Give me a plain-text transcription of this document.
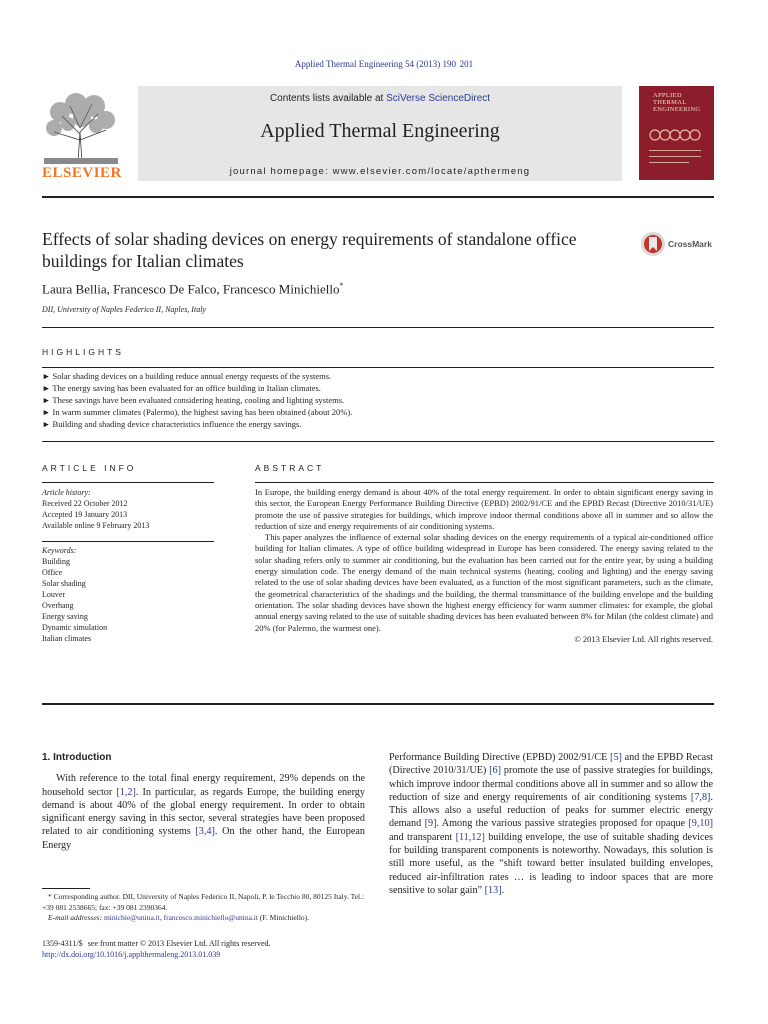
Applied Thermal Engineering 54 (2013) 190  201
ELSEVIER
Contents lists available at SciVerse ScienceDirect
Applied Thermal Engineering
journal homepage: www.elsevier.com/locate/apthermeng
APPLIED THERMAL ENGINEERING
Effects of solar shading devices on energy requirements of standalone office buildings for Italian climates
CrossMark
Laura Bellia, Francesco De Falco, Francesco Minichiello*
DII, University of Naples Federico II, Naples, Italy
HIGHLIGHTS
► Solar shading devices on a building reduce annual energy requests of the systems.
► The energy saving has been evaluated for an office building in Italian climates.
► These savings have been evaluated considering heating, cooling and lighting systems.
► In warm summer climates (Palermo), the highest saving has been obtained (about 20%).
► Building and shading device characteristics influence the energy savings.
ARTICLE INFO
Article history:
Received 22 October 2012
Accepted 19 January 2013
Available online 9 February 2013
Keywords:
Building
Office
Solar shading
Louver
Overhang
Energy saving
Dynamic simulation
Italian climates
ABSTRACT

In Europe, the building energy demand is about 40% of the total energy requirement. In order to obtain significant energy saving in this sector, the European Energy Performance Building Directive (EPBD) 2002/91/CE and the EPBD Recast (Directive 2010/31/UE) promote the use of passive strategies for buildings, which improve indoor thermal conditions above all in summer and so allow the reduction of size and energy requirements of air conditioning systems.

This paper analyzes the influence of external solar shading devices on the energy requirements of a typical air-conditioned office building for Italian climates. A type of office building widespread in Europe has been considered. The energy saving related to the solar shading refers only to summer air conditioning, but the evaluation has been carried out for the entire year, by using a building energy simulation code. The energy demand of the main technical systems (heating, cooling and lighting) and the energy saving related to the use of solar shading devices have been evaluated, as a function of the most significant parameters, such as the climate, the geometrical characteristics of the shadings and the building, the thermal transmittance of the building envelope and the building orientation. The solar shading devices have shown the highest energy efficiency for warm summer climates: for example, the global annual energy saving related to the use of suitable shading devices has been evaluated between 8% for Milan (the coldest climate) and 20% (for Palermo, the warmest one).

© 2013 Elsevier Ltd. All rights reserved.

1. Introduction

With reference to the total final energy requirement, 29% depends on the household sector [1,2]. In particular, as regards Europe, the building energy demand is about 40% of the global energy requirement. In order to obtain significant energy saving in this sector, several strategies have been proposed related to air conditioning systems [3,4]. On the other hand, the European Energy

Performance Building Directive (EPBD) 2002/91/CE [5] and the EPBD Recast (Directive 2010/31/UE) [6] promote the use of passive strategies for buildings, which improve indoor thermal conditions above all in summer and so allow the reduction of size and energy requirements of air conditioning systems [7,8]. This allows also a useful reduction of peaks for summer electric energy demand [9]. Among the various passive strategies proposed for opaque [9,10] and transparent [11,12] building envelope, the use of suitable shading devices for building transparent components is noteworthy. Nowadays, this solution is still more useful, as the “shift toward better insulated building envelopes, reduced air-infiltration rates … is leading to indoor spaces that are more sensitive to solar gain” [13].

* Corresponding author. DII, University of Naples Federico II, Napoli, P. le Tecchio 80, 80125 Italy. Tel.: +39 081 2538665; fax: +39 081 2390364.
E-mail addresses: minichie@unina.it, francesco.minichiello@unina.it (F. Minichiello).
1359-4311/$   see front matter © 2013 Elsevier Ltd. All rights reserved.
http://dx.doi.org/10.1016/j.applthermaleng.2013.01.039
